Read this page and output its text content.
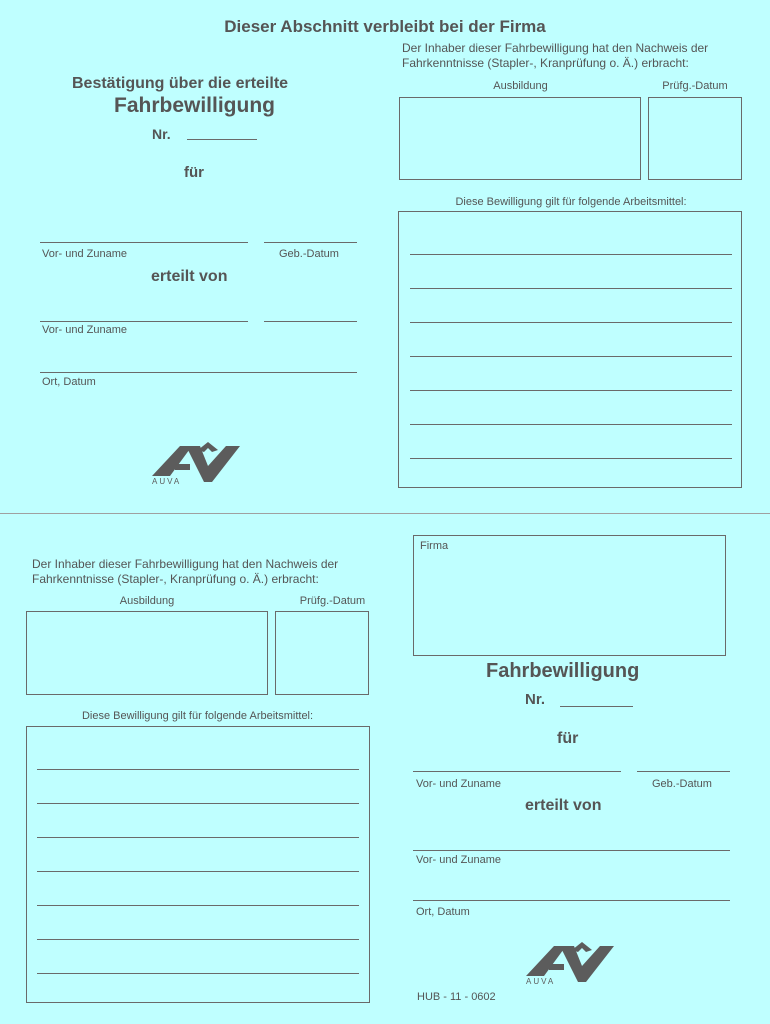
Dieser Abschnitt verbleibt bei der Firma
Der Inhaber dieser Fahrbewilligung hat den Nachweis der
Fahrkenntnisse (Stapler-, Kranprüfung o. Ä.) erbracht:
Bestätigung über die erteilte
Fahrbewilligung
Nr.
Ausbildung	Prüfg.-Datum
für
Diese Bewilligung gilt für folgende Arbeitsmittel:
Vor- und Zuname	Geb.-Datum
erteilt von
Vor- und Zuname
Ort, Datum
AUVA
Der Inhaber dieser Fahrbewilligung hat den Nachweis der
Fahrkenntnisse (Stapler-, Kranprüfung o. Ä.) erbracht:
Ausbildung	Prüfg.-Datum
Diese Bewilligung gilt für folgende Arbeitsmittel:
Firma
Fahrbewilligung
Nr.
für
Vor- und Zuname	Geb.-Datum
erteilt von
Vor- und Zuname
Ort, Datum
AUVA
HUB - 11 - 0602
